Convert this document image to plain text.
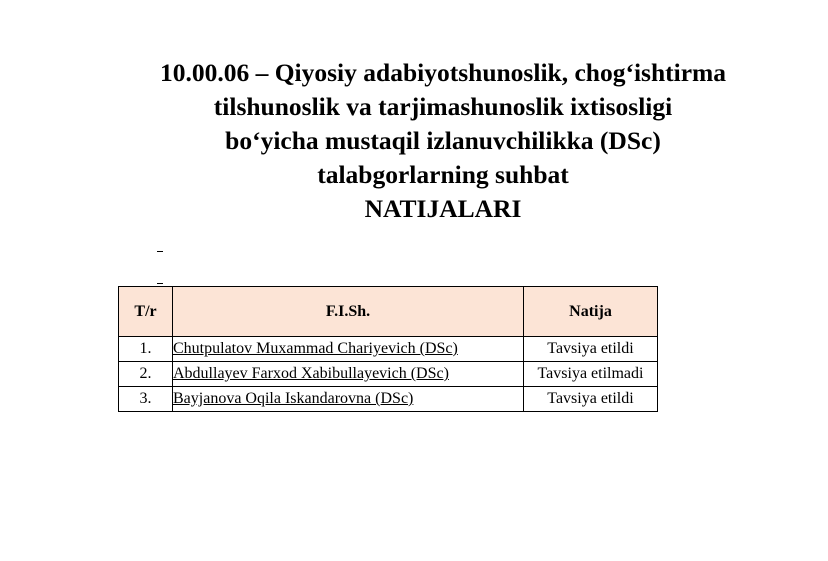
10.00.06 – Qiyosiy adabiyotshunoslik, chog‘ishtirma
tilshunoslik va tarjimashunoslik ixtisosligi
bo‘yicha mustaqil izlanuvchilikka (DSc)
talabgorlarning suhbat
NATIJALARI
T/r	F.I.Sh.	Natija
1.	Chutpulatov Muxammad Chariyevich (DSc)	Tavsiya etildi
2.	Abdullayev Farxod Xabibullayevich (DSc)	Tavsiya etilmadi
3.	Bayjanova Oqila Iskandarovna (DSc)	Tavsiya etildi
